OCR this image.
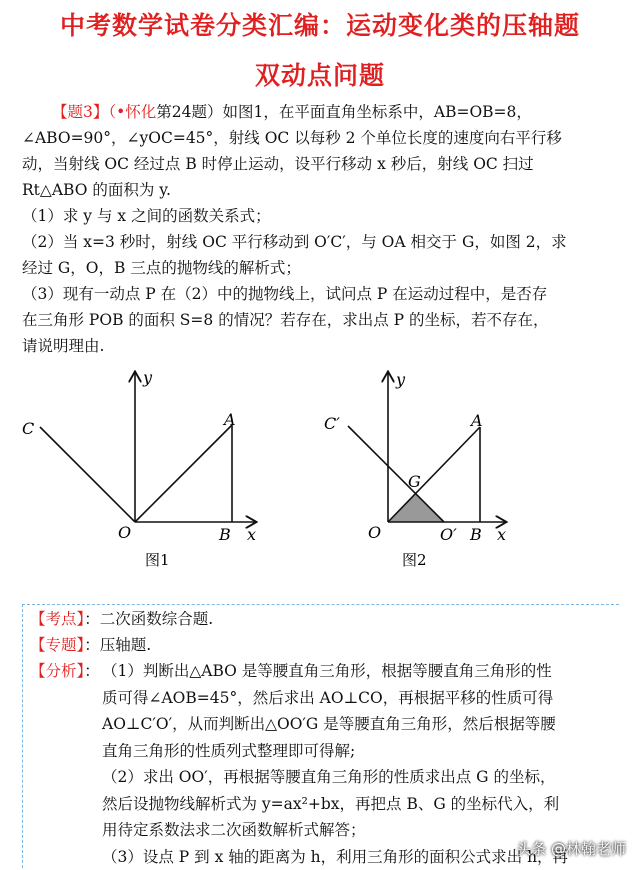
中考数学试卷分类汇编：运动变化类的压轴题
双动点问题
【题3】（•怀化第24题）如图1，在平面直角坐标系中，AB=OB=8，
∠ABO=90°，∠yOC=45°，射线 OC 以每秒 2 个单位长度的速度向右平行移
动，当射线 OC 经过点 B 时停止运动，设平行移动 x 秒后，射线 OC 扫过
Rt△ABO 的面积为 y.
（1）求 y 与 x 之间的函数关系式；
（2）当 x=3 秒时，射线 OC 平行移动到 O′C′，与 OA 相交于 G，如图 2，求
经过 G，O，B 三点的抛物线的解析式；
（3）现有一动点 P 在（2）中的抛物线上，试问点 P 在运动过程中，是否存
在三角形 POB 的面积 S=8 的情况？若存在，求出点 P 的坐标，若不存在，
请说明理由.
C	A
y
O	B x
图1
C′	A
y
G
O	O′ B x
图2
【考点】：二次函数综合题.
【专题】：压轴题.
【分析】： （1）判断出△ABO 是等腰直角三角形，根据等腰直角三角形的性
质可得∠AOB=45°，然后求出 AO⊥CO，再根据平移的性质可得
AO⊥C′O′，从而判断出△OO′G 是等腰直角三角形，然后根据等腰
直角三角形的性质列式整理即可得解;
（2）求出 OO′，再根据等腰直角三角形的性质求出点 G 的坐标，
然后设抛物线解析式为 y=ax²+bx，再把点 B、G 的坐标代入，利
用待定系数法求二次函数解析式解答；
（3）设点 P 到 x 轴的距离为 h，利用三角形的面积公式求出 h，再
头条 @林翰老师
